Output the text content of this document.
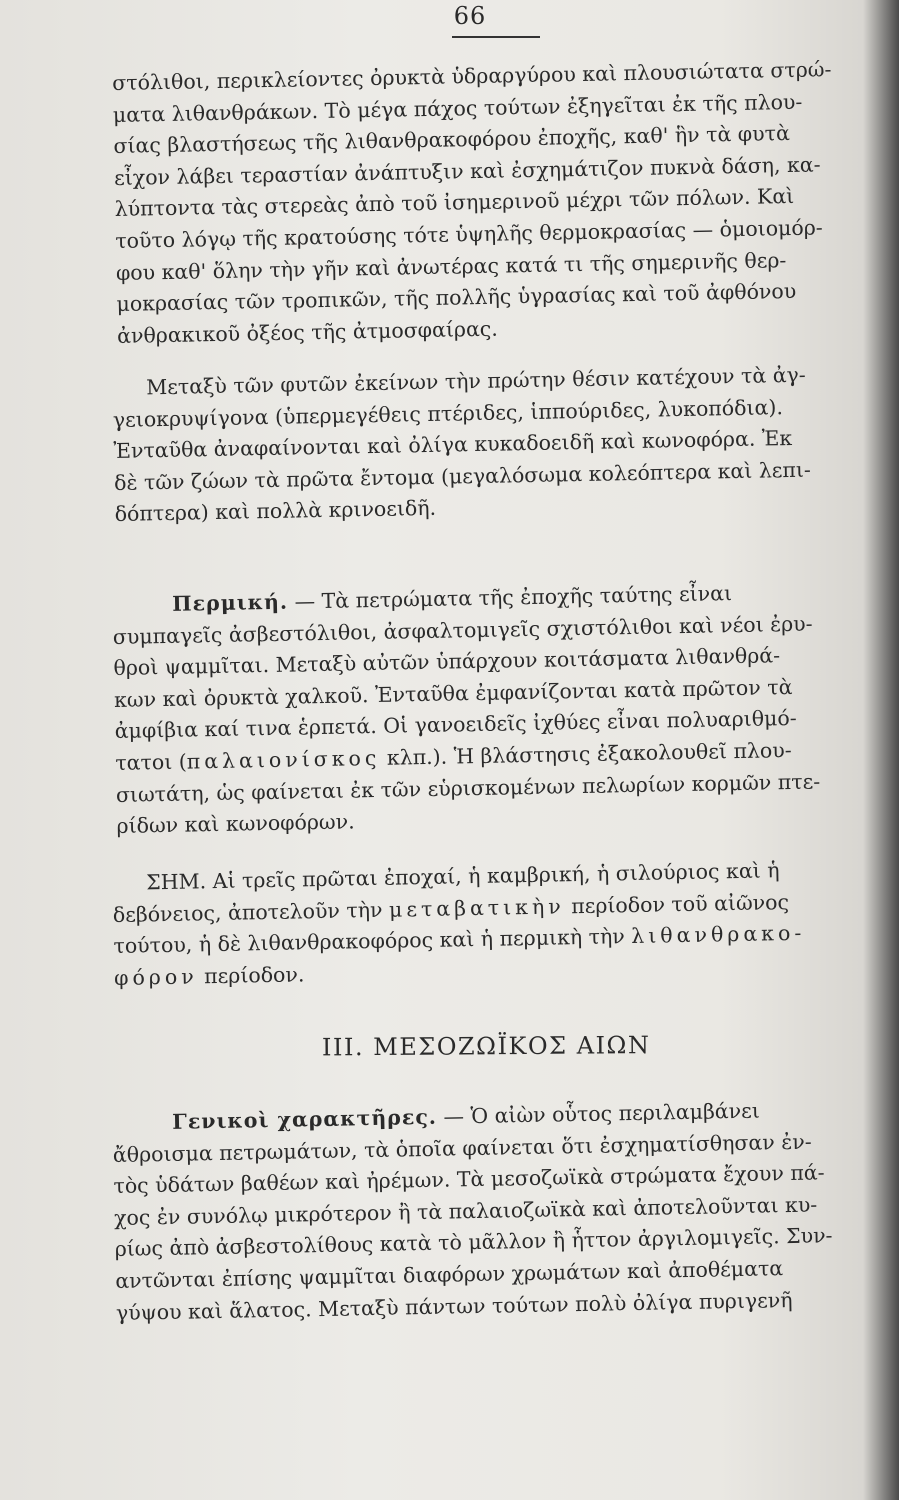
66
στόλιθοι, περικλείοντες ὀρυκτὰ ὑδραργύρου καὶ πλουσιώτατα στρώ-
ματα λιθανθράκων. Τὸ μέγα πάχος τούτων ἐξηγεῖται ἐκ τῆς πλου-
σίας βλαστήσεως τῆς λιθανθρακοφόρου ἐποχῆς, καθ' ἣν τὰ φυτὰ
εἶχον λάβει τεραστίαν ἀνάπτυξιν καὶ ἐσχημάτιζον πυκνὰ δάση, κα-
λύπτοντα τὰς στερεὰς ἀπὸ τοῦ ἰσημερινοῦ μέχρι τῶν πόλων. Καὶ
τοῦτο λόγῳ τῆς κρατούσης τότε ὑψηλῆς θερμοκρασίας — ὁμοιομόρ-
φου καθ' ὅλην τὴν γῆν καὶ ἀνωτέρας κατά τι τῆς σημερινῆς θερ-
μοκρασίας τῶν τροπικῶν, τῆς πολλῆς ὑγρασίας καὶ τοῦ ἀφθόνου
ἀνθρακικοῦ ὀξέος τῆς ἀτμοσφαίρας.
Μεταξὺ τῶν φυτῶν ἐκείνων τὴν πρώτην θέσιν κατέχουν τὰ ἀγ-
γειοκρυψίγονα (ὑπερμεγέθεις πτέριδες, ἱππούριδες, λυκοπόδια).
Ἐνταῦθα ἀναφαίνονται καὶ ὀλίγα κυκαδοειδῆ καὶ κωνοφόρα. Ἐκ
δὲ τῶν ζώων τὰ πρῶτα ἔντομα (μεγαλόσωμα κολεόπτερα καὶ λεπι-
δόπτερα) καὶ πολλὰ κρινοειδῆ.
Περμική. — Τὰ πετρώματα τῆς ἐποχῆς ταύτης εἶναι
συμπαγεῖς ἀσβεστόλιθοι, ἀσφαλτομιγεῖς σχιστόλιθοι καὶ νέοι ἐρυ-
θροὶ ψαμμῖται. Μεταξὺ αὐτῶν ὑπάρχουν κοιτάσματα λιθανθρά-
κων καὶ ὀρυκτὰ χαλκοῦ. Ἐνταῦθα ἐμφανίζονται κατὰ πρῶτον τὰ
ἀμφίβια καί τινα ἑρπετά. Οἱ γανοειδεῖς ἰχθύες εἶναι πολυαριθμό-
τατοι (παλαιονίσκος κλπ.). Ἡ βλάστησις ἐξακολουθεῖ πλου-
σιωτάτη, ὡς φαίνεται ἐκ τῶν εὑρισκομένων πελωρίων κορμῶν πτε-
ρίδων καὶ κωνοφόρων.
ΣΗΜ. Αἱ τρεῖς πρῶται ἐποχαί, ἡ καμβρική, ἡ σιλούριος καὶ ἡ
δεβόνειος, ἀποτελοῦν τὴν μεταβατικὴν περίοδον τοῦ αἰῶνος
τούτου, ἡ δὲ λιθανθρακοφόρος καὶ ἡ περμικὴ τὴν λιθανθρακο-
φόρον περίοδον.
ΙΙΙ. ΜΕΣΟΖΩΪΚΟΣ ΑΙΩΝ
Γενικοὶ χαρακτῆρες. — Ὁ αἰὼν οὗτος περιλαμβάνει
ἄθροισμα πετρωμάτων, τὰ ὁποῖα φαίνεται ὅτι ἐσχηματίσθησαν ἐν-
τὸς ὑδάτων βαθέων καὶ ἠρέμων. Τὰ μεσοζωϊκὰ στρώματα ἔχουν πά-
χος ἐν συνόλῳ μικρότερον ἢ τὰ παλαιοζωϊκὰ καὶ ἀποτελοῦνται κυ-
ρίως ἀπὸ ἀσβεστολίθους κατὰ τὸ μᾶλλον ἢ ἧττον ἀργιλομιγεῖς. Συν-
αντῶνται ἐπίσης ψαμμῖται διαφόρων χρωμάτων καὶ ἀποθέματα
γύψου καὶ ἅλατος. Μεταξὺ πάντων τούτων πολὺ ὀλίγα πυριγενῆ
